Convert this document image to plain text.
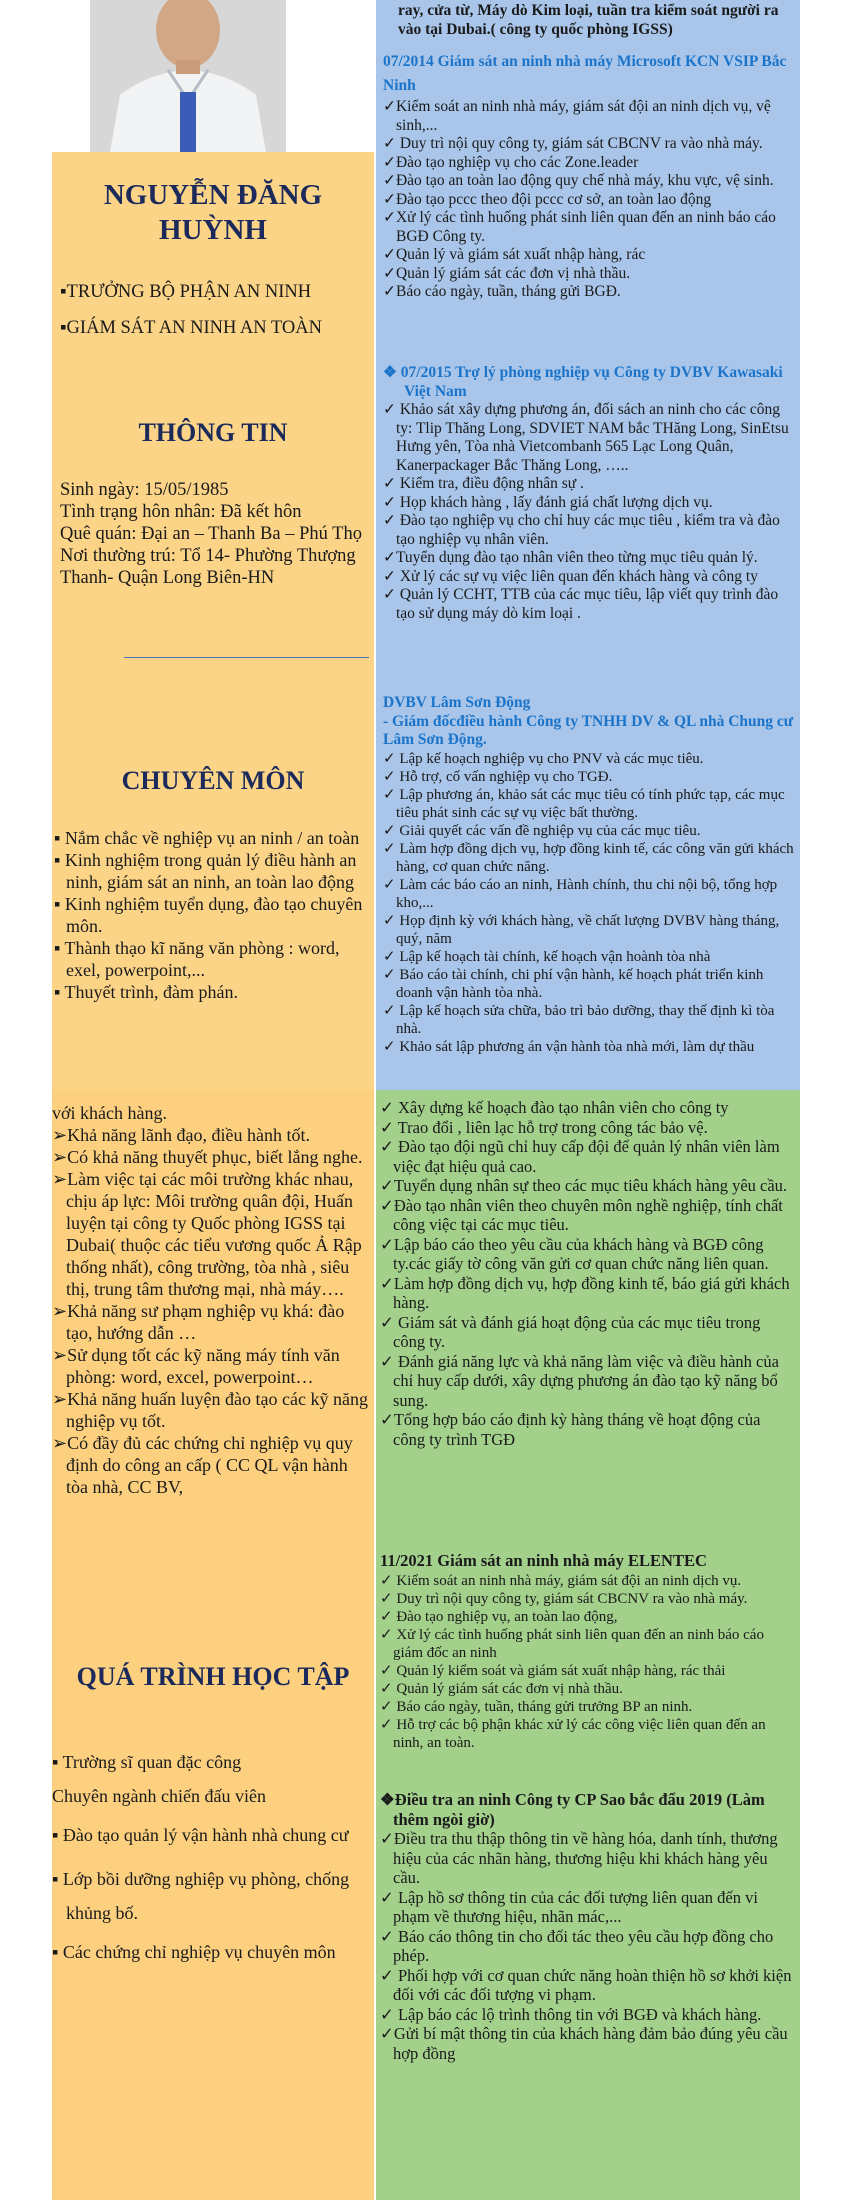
NGUYỄN ĐĂNG HUỲNH
▪TRƯỞNG BỘ PHẬN AN NINH
▪GIÁM SÁT AN NINH AN TOÀN
THÔNG TIN
Sinh ngày: 15/05/1985
Tình trạng hôn nhân: Đã kết hôn
Quê quán: Đại an – Thanh Ba – Phú Thọ
Nơi thường trú: Tổ 14- Phường Thượng Thanh- Quận Long Biên-HN
CHUYÊN MÔN
▪ Nắm chắc về nghiệp vụ an ninh / an toàn
▪ Kinh nghiệm trong quản lý điều hành an ninh, giám sát an ninh, an toàn lao động
▪ Kinh nghiệm tuyển dụng, đào tạo chuyên môn.
▪ Thành thạo kĩ năng văn phòng : word, exel, powerpoint,...
▪ Thuyết trình, đàm phán.
với khách hàng.
➢Khả năng lãnh đạo, điều hành tốt.
➢Có khả năng thuyết phục, biết lắng nghe.
➢Làm việc tại các môi trường khác nhau, chịu áp lực: Môi trường quân đội, Huấn luyện tại công ty Quốc phòng IGSS tại Dubai( thuộc các tiểu vương quốc Ả Rập thống nhất), công trường, tòa nhà , siêu thị, trung tâm thương mại, nhà máy….
➢Khả năng sư phạm nghiệp vụ khá: đào tạo, hướng dẫn …
➢Sử dụng tốt các kỹ năng máy tính văn phòng: word, excel, powerpoint…
➢Khả năng huấn luyện đào tạo các kỹ năng nghiệp vụ tốt.
➢Có đầy đủ các chứng chỉ nghiệp vụ quy định do công an cấp ( CC QL vận hành tòa nhà, CC BV,
QUÁ TRÌNH HỌC TẬP
▪ Trường sĩ quan đặc công
Chuyên ngành chiến đấu viên
▪ Đào tạo quản lý vận hành nhà chung cư
▪ Lớp bồi dưỡng nghiệp vụ phòng, chống khủng bố.
▪ Các chứng chỉ nghiệp vụ chuyên môn
ray, cửa từ, Máy dò Kim loại, tuần tra kiểm soát người ra vào tại Dubai.( công ty quốc phòng IGSS)
07/2014 Giám sát an ninh nhà máy Microsoft KCN VSIP Bắc Ninh
✓Kiểm soát an ninh nhà máy, giám sát đội an ninh dịch vụ, vệ sinh,...
✓ Duy trì nội quy công ty, giám sát CBCNV ra vào nhà máy.
✓Đào tạo nghiệp vụ cho các Zone.leader
✓Đào tạo an toàn lao động quy chế nhà máy, khu vực, vệ sinh.
✓Đào tạo pccc theo đội pccc cơ sở, an toàn lao động
✓Xử lý các tình huống phát sinh liên quan đến an ninh báo cáo BGĐ Công ty.
✓Quản lý và giám sát xuất nhập hàng, rác
✓Quản lý giám sát các đơn vị nhà thầu.
✓Báo cáo ngày, tuần, tháng gửi BGĐ.
❖ 07/2015 Trợ lý phòng nghiệp vụ Công ty DVBV Kawasaki Việt Nam
✓ Khảo sát xây dựng phương án, đối sách an ninh cho các công ty: Tlip Thăng Long, SDVIET NAM bắc THăng Long, SinEtsu Hưng yên, Tòa nhà Vietcombanh 565 Lạc Long Quân, Kanerpackager Bắc Thăng Long, …..
✓ Kiểm tra, điều động nhân sự .
✓ Họp khách hàng , lấy đánh giá chất lượng dịch vụ.
✓ Đào tạo nghiệp vụ cho chỉ huy các mục tiêu , kiểm tra và đào tạo nghiệp vụ nhân viên.
✓Tuyển dụng đào tạo nhân viên theo từng mục tiêu quản lý.
✓ Xử lý các sự vụ việc liên quan đến khách hàng và công ty
✓ Quản lý CCHT, TTB của các mục tiêu, lập viết quy trình đào tạo sử dụng máy dò kim loại .
DVBV Lâm Sơn Động
- Giám đốcđiều hành Công ty TNHH DV & QL nhà Chung cư Lâm Sơn Động.
✓ Lập kế hoạch nghiệp vụ cho PNV và các mục tiêu.
✓ Hỗ trợ, cố vấn nghiệp vụ cho TGĐ.
✓ Lập phương án, khảo sát các mục tiêu có tính phức tạp, các mục tiêu phát sinh các sự vụ việc bất thường.
✓ Giải quyết các vấn đề nghiệp vụ của các mục tiêu.
✓ Làm hợp đồng dịch vụ, hợp đồng kinh tế, các công văn gửi khách hàng, cơ quan chức năng.
✓ Làm các báo cáo an ninh, Hành chính, thu chi nội bộ, tổng hợp kho,...
✓ Họp định kỳ với khách hàng, về chất lượng DVBV hàng tháng, quý, năm
✓ Lập kế hoạch tài chính, kế hoạch vận hoành tòa nhà
✓ Báo cáo tài chính, chi phí vận hành, kế hoạch phát triển kinh doanh vận hành tòa nhà.
✓ Lập kế hoạch sửa chữa, bảo trì bảo dưỡng, thay thế định kì tòa nhà.
✓ Khảo sát lập phương án vận hành tòa nhà mới, làm dự thầu
✓ Xây dựng kế hoạch đào tạo nhân viên cho công ty
✓ Trao đổi , liên lạc hỗ trợ trong công tác bảo vệ.
✓ Đào tạo đội ngũ chỉ huy cấp đội để quản lý nhân viên làm việc đạt hiệu quả cao.
✓Tuyển dụng nhân sự theo các mục tiêu khách hàng yêu cầu.
✓Đào tạo nhân viên theo chuyên môn nghề nghiệp, tính chất công việc tại các mục tiêu.
✓Lập báo cáo theo yêu cầu của khách hàng và BGĐ công ty.các giấy tờ công văn gửi cơ quan chức năng liên quan.
✓Làm hợp đồng dịch vụ, hợp đồng kinh tế, báo giá gửi khách hàng.
✓ Giám sát và đánh giá hoạt động của các mục tiêu trong công ty.
✓ Đánh giá năng lực và khả năng làm việc và điều hành của chỉ huy cấp dưới, xây dựng phương án đào tạo kỹ năng bổ sung.
✓Tổng hợp báo cáo định kỳ hàng tháng về hoạt động của công ty trình TGĐ
11/2021 Giám sát an ninh nhà máy ELENTEC
✓ Kiểm soát an ninh nhà máy, giám sát đội an ninh dịch vụ.
✓ Duy trì nội quy công ty, giám sát CBCNV ra vào nhà máy.
✓ Đào tạo nghiệp vụ, an toàn lao động,
✓ Xử lý các tình huống phát sinh liên quan đến an ninh báo cáo giám đốc an ninh
✓ Quản lý kiểm soát và giám sát xuất nhập hàng, rác thải
✓ Quản lý giám sát các đơn vị nhà thầu.
✓ Báo cáo ngày, tuần, tháng gửi trưởng BP an ninh.
✓ Hỗ trợ các bộ phận khác xử lý các công việc liên quan đến an ninh, an toàn.
❖Điều tra an ninh Công ty CP Sao bắc đẩu 2019 (Làm thêm ngòi giờ)
✓Điều tra thu thập thông tin về hàng hóa, danh tính, thương hiệu của các nhãn hàng, thương hiệu khi khách hàng yêu cầu.
✓ Lập hồ sơ thông tin của các đối tượng liên quan đến vi phạm về thương hiệu, nhãn mác,...
✓ Báo cáo thông tin cho đối tác theo yêu cầu hợp đồng cho phép.
✓ Phối hợp với cơ quan chức năng hoàn thiện hồ sơ khởi kiện đối với các đối tượng vi phạm.
✓ Lập báo các lộ trình thông tin với BGĐ và khách hàng.
✓Gửi bí mật thông tin của khách hàng đảm bảo đúng yêu cầu hợp đồng
